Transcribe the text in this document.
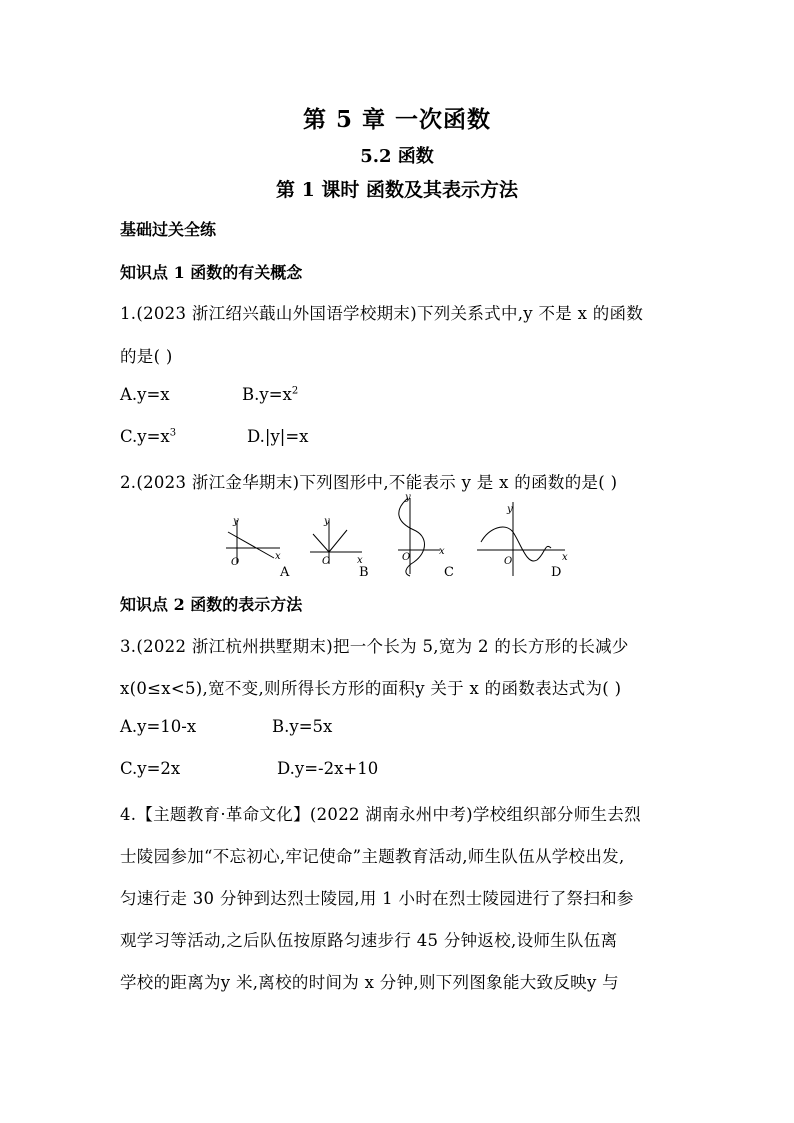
第 5 章 一次函数
5.2 函数
第 1 课时 函数及其表示方法
基础过关全练
知识点 1 函数的有关概念
1.(2023 浙江绍兴蕺山外国语学校期末)下列关系式中,y 不是 x 的函数
的是( )
A.y=x	$B.y=x^2$
$C.y=x^3$	D.|y|=x
2.(2023 浙江金华期末)下列图形中,不能表示 y 是 x 的函数的是( )
y
x
O
A
y
x
O
B
y
x
O
C
y
x
O
D
知识点 2 函数的表示方法
3.(2022 浙江杭州拱墅期末)把一个长为 5,宽为 2 的长方形的长减少
x(0≤x<5),宽不变,则所得长方形的面积y 关于 x 的函数表达式为( )
A.y=10-x	B.y=5x
C.y=2x	D.y=-2x+10
4.【主题教育·革命文化】(2022 湖南永州中考)学校组织部分师生去烈
士陵园参加“不忘初心,牢记使命”主题教育活动,师生队伍从学校出发,
匀速行走 30 分钟到达烈士陵园,用 1 小时在烈士陵园进行了祭扫和参
观学习等活动,之后队伍按原路匀速步行 45 分钟返校,设师生队伍离
学校的距离为y 米,离校的时间为 x 分钟,则下列图象能大致反映y 与
